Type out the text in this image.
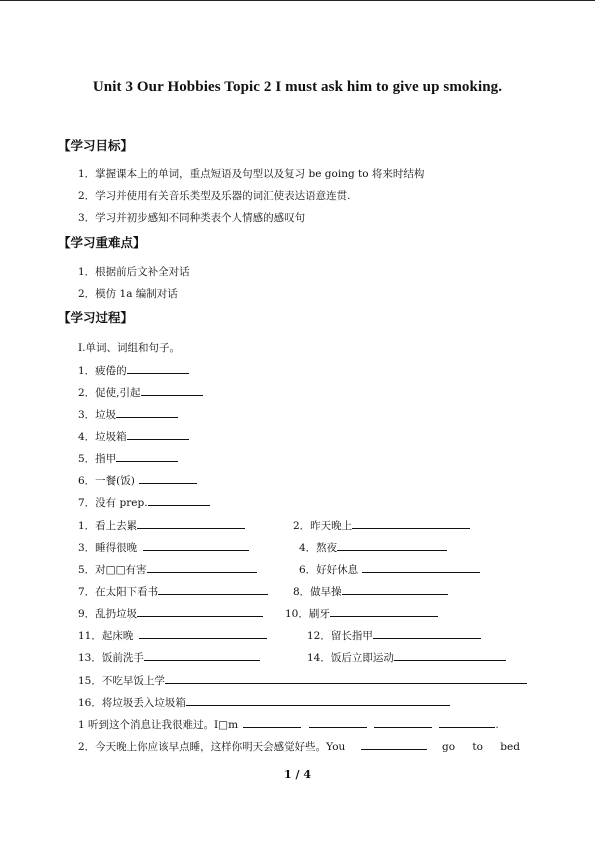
Unit 3 Our Hobbies Topic 2 I must ask him to give up smoking.
【学习目标】
1．掌握课本上的单词，重点短语及句型以及复习 be going to 将来时结构
2．学习并使用有关音乐类型及乐器的词汇使表达语意连贯.
3．学习并初步感知不同种类表个人情感的感叹句
【学习重难点】
1．根据前后文补全对话
2．模仿 1a 编制对话
【学习过程】
Ⅰ.单词、词组和句子。
1．疲倦的
2．促使,引起
3．垃圾
4．垃圾箱
5．指甲
6．一餐(饭)
7．没有 prep.
1．看上去累
3．睡得很晚
5．对□□有害
7．在太阳下看书
9．乱扔垃圾
11．起床晚
13．饭前洗手
2．昨天晚上
4．熬夜
6．好好休息
8．做早操
10．刷牙
12．留长指甲
14．饭后立即运动
15．不吃早饭上学
16．将垃圾丢入垃圾箱
1 听到这个消息让我很难过。I□m	.
2．今天晚上你应该早点睡，这样你明天会感觉好些。You	go to bed
1 / 4
